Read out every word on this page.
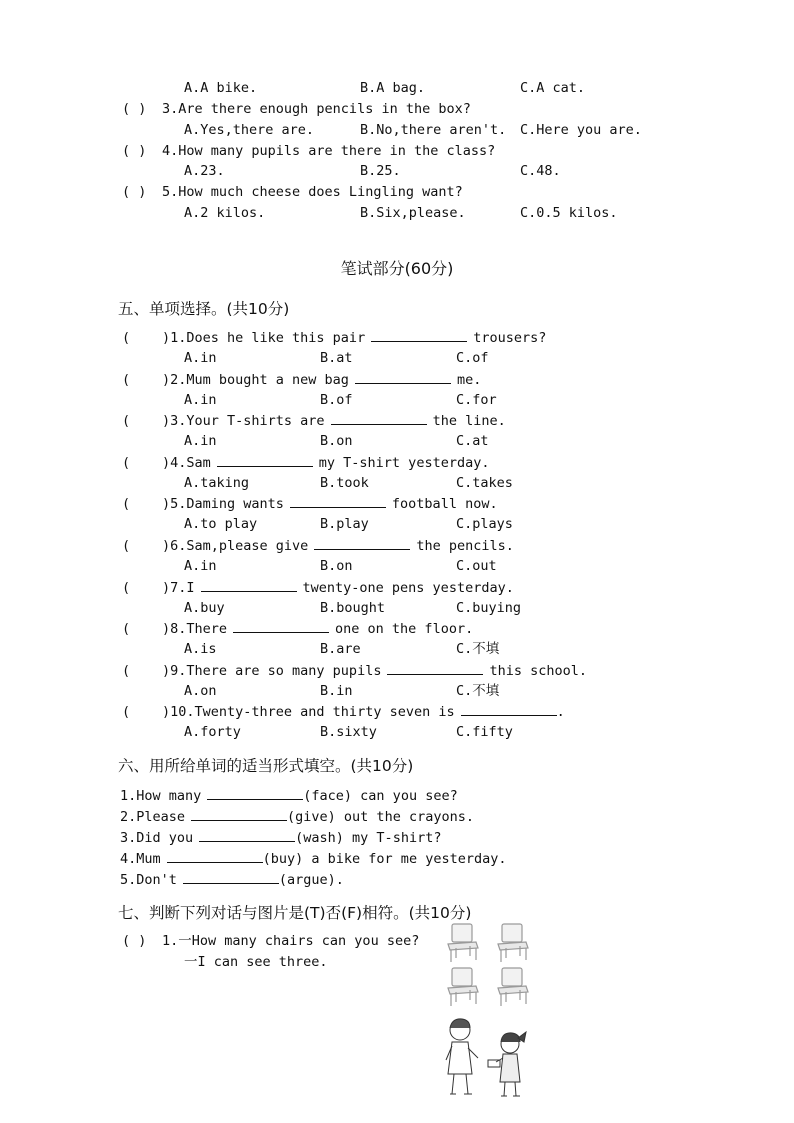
A.A bike.	B.A bag.	C.A cat.
( ) 3.Are there enough pencils in the box?
A.Yes,there are.	B.No,there aren't. C.Here you are.
( ) 4.How many pupils are there in the class?
A.23.	B.25.	C.48.
( ) 5.How much cheese does Lingling want?
A.2 kilos.	B.Six,please.	C.0.5 kilos.
笔试部分(60分)
五、单项选择。(共10分)
( )1.Does he like this pair	trousers?
A.in	B.at	C.of
( )2.Mum bought a new bag	me.
A.in	B.of	C.for
( )3.Your T-shirts are	the line.
A.in	B.on	C.at
( )4.Sam	my T-shirt yesterday.
A.taking	B.took	C.takes
( )5.Daming wants	football now.
A.to play	B.play	C.plays
( )6.Sam,please give	the pencils.
A.in	B.on	C.out
( )7.I	twenty-one pens yesterday.
A.buy	B.bought	C.buying
( )8.There	one on the floor.
A.is	B.are	C.不填
( )9.There are so many pupils	this school.
A.on	B.in	C.不填
( )10.Twenty-three and thirty seven is	.
A.forty	B.sixty	C.fifty
六、用所给单词的适当形式填空。(共10分)
1.How many	(face) can you see?
2.Please	(give) out the crayons.
3.Did you	(wash) my T-shirt?
4.Mum	(buy) a bike for me yesterday.
5.Don't	(argue).
七、判断下列对话与图片是(T)否(F)相符。(共10分)
( ) 1.一How many chairs can you see?
一I can see three.
